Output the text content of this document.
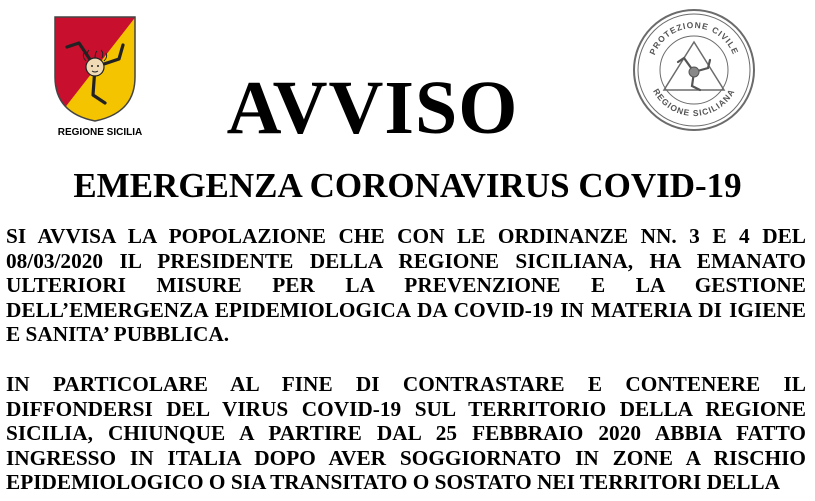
REGIONE SICILIA	AVVISO
PROTEZIONE CIVILE
REGIONE SICILIANA
EMERGENZA CORONAVIRUS COVID-19

SI AVVISA LA POPOLAZIONE CHE CON LE ORDINANZE NN. 3 E 4 DEL 08/03/2020 IL PRESIDENTE DELLA REGIONE SICILIANA, HA EMANATO ULTERIORI MISURE PER LA PREVENZIONE E LA GESTIONE DELL’EMERGENZA EPIDEMIOLOGICA DA COVID-19 IN MATERIA DI IGIENE E SANITA’ PUBBLICA.

IN PARTICOLARE AL FINE DI CONTRASTARE E CONTENERE IL DIFFONDERSI DEL VIRUS COVID-19 SUL TERRITORIO DELLA REGIONE SICILIA, CHIUNQUE A PARTIRE DAL 25 FEBBRAIO 2020 ABBIA FATTO INGRESSO IN ITALIA DOPO AVER SOGGIORNATO IN ZONE A RISCHIO EPIDEMIOLOGICO O SIA TRANSITATO O SOSTATO NEI TERRITORI DELLA
